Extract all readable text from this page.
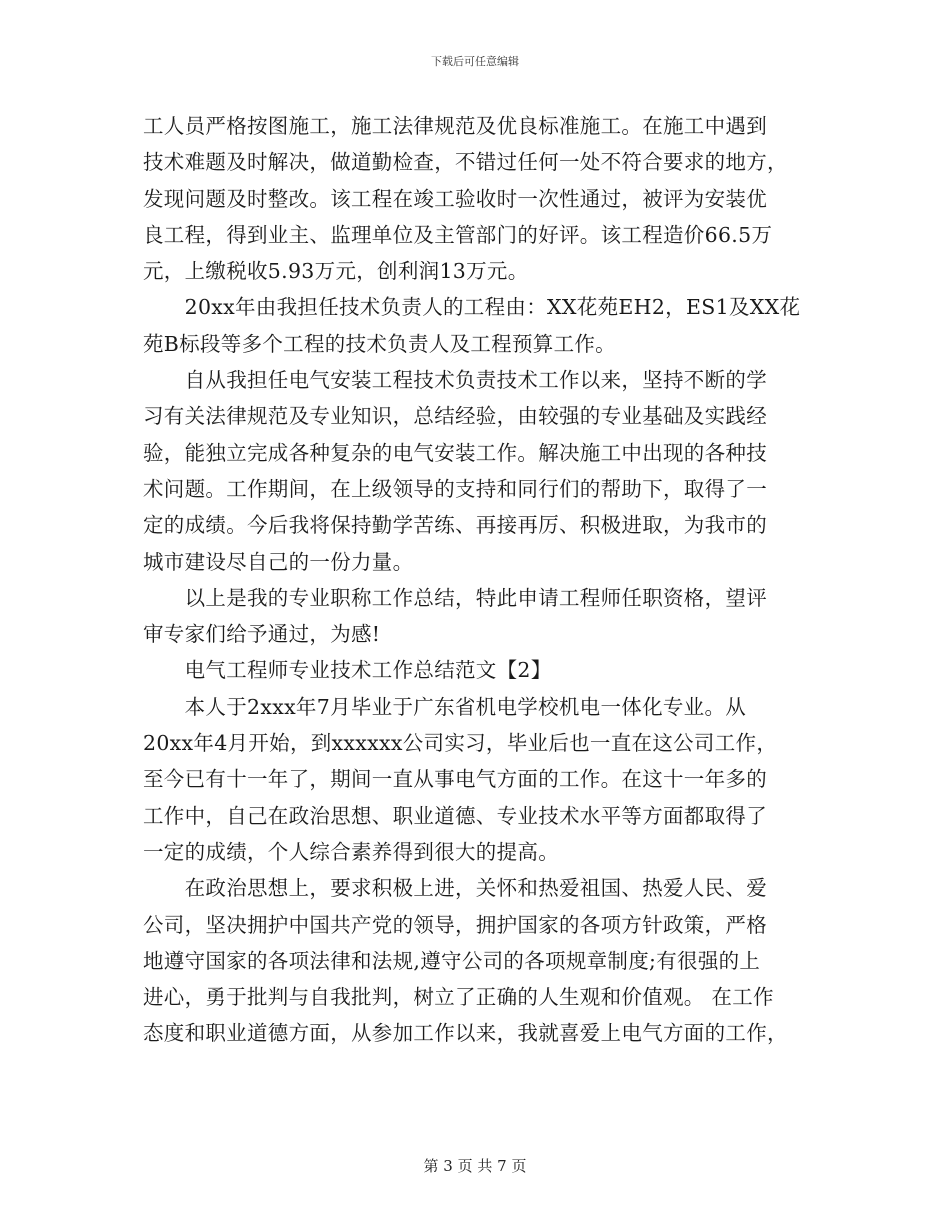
下载后可任意编辑
工人员严格按图施工，施工法律规范及优良标准施工。在施工中遇到
技术难题及时解决，做道勤检查，不错过任何一处不符合要求的地方，
发现问题及时整改。该工程在竣工验收时一次性通过，被评为安装优
良工程，得到业主、监理单位及主管部门的好评。该工程造价66.5万
元，上缴税收5.93万元，创利润13万元。
　　20xx年由我担任技术负责人的工程由：XX花苑EH2，ES1及XX花
苑B标段等多个工程的技术负责人及工程预算工作。
　　自从我担任电气安装工程技术负责技术工作以来，坚持不断的学
习有关法律规范及专业知识，总结经验，由较强的专业基础及实践经
验，能独立完成各种复杂的电气安装工作。解决施工中出现的各种技
术问题。工作期间，在上级领导的支持和同行们的帮助下，取得了一
定的成绩。今后我将保持勤学苦练、再接再厉、积极进取，为我市的
城市建设尽自己的一份力量。
　　以上是我的专业职称工作总结，特此申请工程师任职资格，望评
审专家们给予通过，为感!
　　电气工程师专业技术工作总结范文【2】
　　本人于2xxx年7月毕业于广东省机电学校机电一体化专业。从
20xx年4月开始，到xxxxxx公司实习，毕业后也一直在这公司工作，
至今已有十一年了，期间一直从事电气方面的工作。在这十一年多的
工作中，自己在政治思想、职业道德、专业技术水平等方面都取得了
一定的成绩，个人综合素养得到很大的提高。
　　在政治思想上，要求积极上进，关怀和热爱祖国、热爱人民、爱
公司，坚决拥护中国共产党的领导，拥护国家的各项方针政策，严格
地遵守国家的各项法律和法规,遵守公司的各项规章制度;有很强的上
进心，勇于批判与自我批判，树立了正确的人生观和价值观。 在工作
态度和职业道德方面，从参加工作以来，我就喜爱上电气方面的工作，
第 3 页 共 7 页
